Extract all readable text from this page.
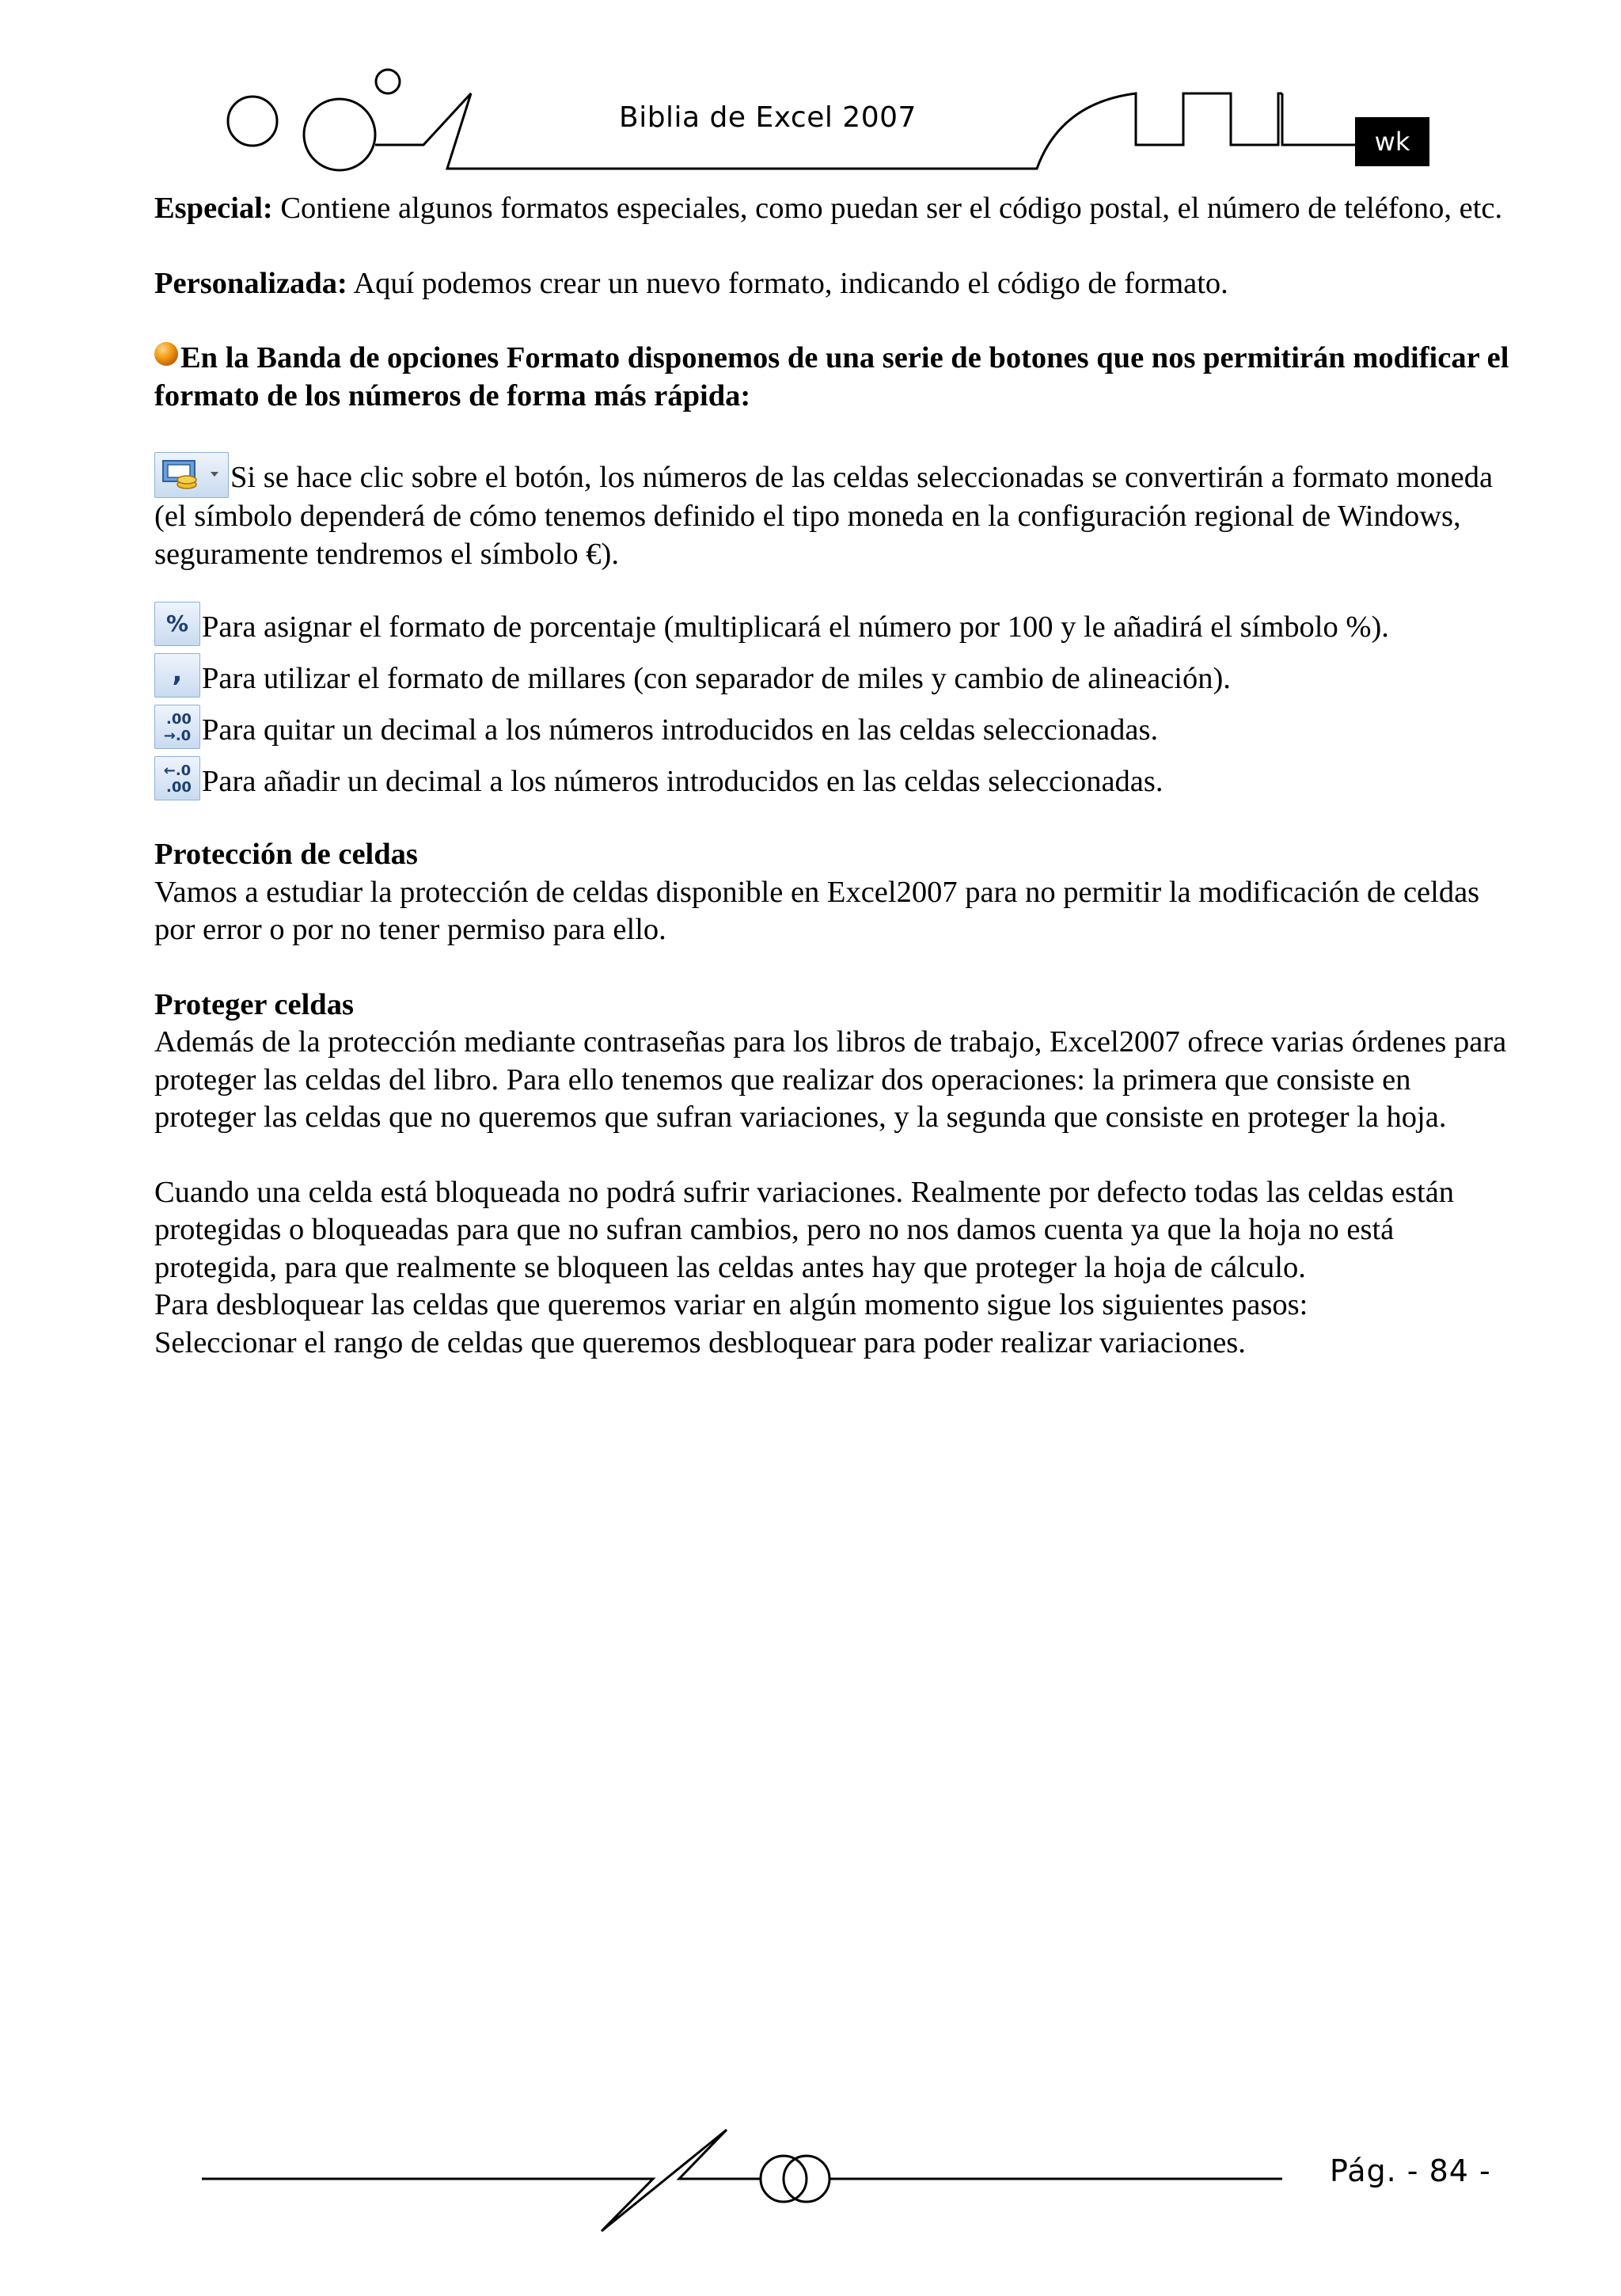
Biblia de Excel 2007
wk

Especial: Contiene algunos formatos especiales, como puedan ser el código postal, el número de teléfono, etc.

Personalizada: Aquí podemos crear un nuevo formato, indicando el código de formato.

En la Banda de opciones Formato disponemos de una serie de botones que nos permitirán modificar el formato de los números de forma más rápida:

Si se hace clic sobre el botón, los números de las celdas seleccionadas se convertirán a formato moneda (el símbolo dependerá de cómo tenemos definido el tipo moneda en la configuración regional de Windows, seguramente tendremos el símbolo €).

% Para asignar el formato de porcentaje (multiplicará el número por 100 y le añadirá el símbolo %).
, Para utilizar el formato de millares (con separador de miles y cambio de alineación).
.00
→.0 Para quitar un decimal a los números introducidos en las celdas seleccionadas.
←.0
.00 Para añadir un decimal a los números introducidos en las celdas seleccionadas.

Protección de celdas

Vamos a estudiar la protección de celdas disponible en Excel2007 para no permitir la modificación de celdas por error o por no tener permiso para ello.

Proteger celdas

Además de la protección mediante contraseñas para los libros de trabajo, Excel2007 ofrece varias órdenes para proteger las celdas del libro. Para ello tenemos que realizar dos operaciones: la primera que consiste en proteger las celdas que no queremos que sufran variaciones, y la segunda que consiste en proteger la hoja.

Cuando una celda está bloqueada no podrá sufrir variaciones. Realmente por defecto todas las celdas están protegidas o bloqueadas para que no sufran cambios, pero no nos damos cuenta ya que la hoja no está protegida, para que realmente se bloqueen las celdas antes hay que proteger la hoja de cálculo.

Para desbloquear las celdas que queremos variar en algún momento sigue los siguientes pasos:

Seleccionar el rango de celdas que queremos desbloquear para poder realizar variaciones.

Pág. - 84 -
